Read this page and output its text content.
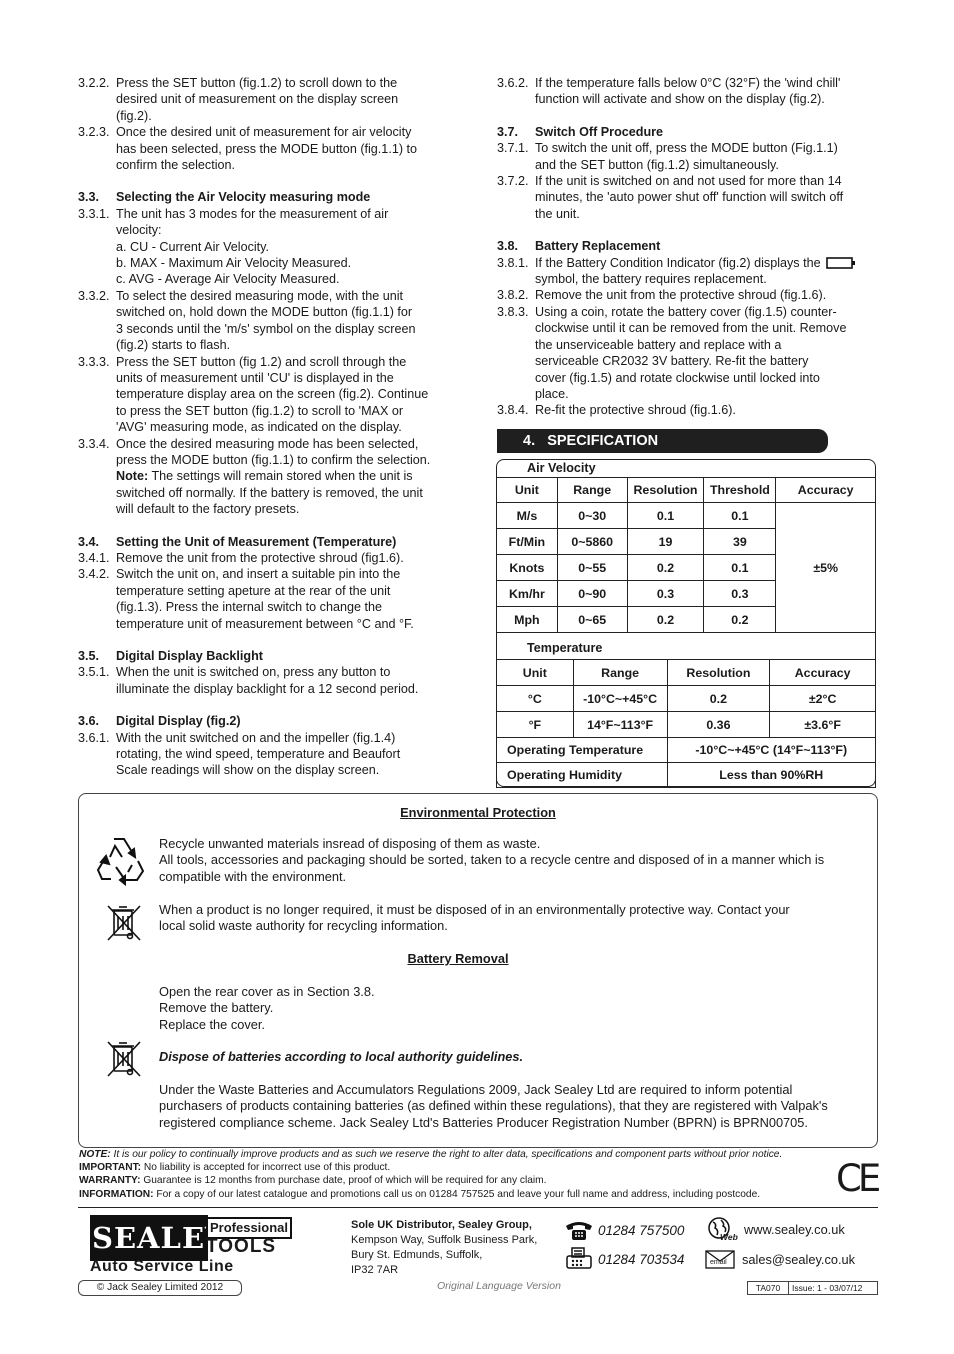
3.2.2. Press the SET button (fig.1.2) to scroll down to the
desired unit of measurement on the display screen
(fig.2).
3.2.3. Once the desired unit of measurement for air velocity
has been selected, press the MODE button (fig.1.1) to
confirm the selection.
3.3. Selecting the Air Velocity measuring mode
3.3.1. The unit has 3 modes for the measurement of air
velocity:
a. CU - Current Air Velocity.
b. MAX - Maximum Air Velocity Measured.
c. AVG - Average Air Velocity Measured.
3.3.2. To select the desired measuring mode, with the unit
switched on, hold down the MODE button (fig.1.1) for
3 seconds until the 'm/s' symbol on the display screen
(fig.2) starts to flash.
3.3.3. Press the SET button (fig 1.2) and scroll through the
units of measurement until 'CU' is displayed in the
temperature display area on the screen (fig.2). Continue
to press the SET button (fig.1.2) to scroll to 'MAX or
'AVG' measuring mode, as indicated on the display.
3.3.4. Once the desired measuring mode has been selected,
press the MODE button (fig.1.1) to confirm the selection.
Note: The settings will remain stored when the unit is
switched off normally. If the battery is removed, the unit
will default to the factory presets.
3.4. Setting the Unit of Measurement (Temperature)
3.4.1. Remove the unit from the protective shroud (fig1.6).
3.4.2. Switch the unit on, and insert a suitable pin into the
temperature setting apeture at the rear of the unit
(fig.1.3). Press the internal switch to change the
temperature unit of measurement between °C and °F.
3.5. Digital Display Backlight
3.5.1. When the unit is switched on, press any button to
illuminate the display backlight for a 12 second period.
3.6. Digital Display (fig.2)
3.6.1. With the unit switched on and the impeller (fig.1.4)
rotating, the wind speed, temperature and Beaufort
Scale readings will show on the display screen.
3.6.2. If the temperature falls below 0°C (32°F) the 'wind chill'
function will activate and show on the display (fig.2).
3.7. Switch Off Procedure
3.7.1. To switch the unit off, press the MODE button (Fig.1.1)
and the SET button (fig.1.2) simultaneously.
3.7.2. If the unit is switched on and not used for more than 14
minutes, the 'auto power shut off' function will switch off
the unit.
3.8. Battery Replacement
3.8.1. If the Battery Condition Indicator (fig.2) displays the
symbol, the battery requires replacement.
3.8.2. Remove the unit from the protective shroud (fig.1.6).
3.8.3. Using a coin, rotate the battery cover (fig.1.5) counter-
clockwise until it can be removed from the unit. Remove
the unserviceable battery and replace with a
serviceable CR2032 3V battery. Re-fit the battery
cover (fig.1.5) and rotate clockwise until locked into
place.
3.8.4. Re-fit the protective shroud (fig.1.6).
4. SPECIFICATION
Air Velocity
Unit	Range	Resolution	Threshold	Accuracy
M/s	0~30	0.1	0.1	±5%
Ft/Min	0~5860	19	39	
Knots	0~55	0.2	0.1	
Km/hr	0~90	0.3	0.3	
Mph	0~65	0.2	0.2	
Temperature
Unit	Range	Resolution	Accuracy
°C	-10°C~+45°C	0.2	±2°C
°F	14°F~113°F	0.36	±3.6°F
Operating Temperature		-10°C~+45°C (14°F~113°F)	
Operating Humidity		Less than 90%RH	
Environmental Protection
Recycle unwanted materials insread of disposing of them as waste.
All tools, accessories and packaging should be sorted, taken to a recycle centre and disposed of in a manner which is
compatible with the environment.
When a product is no longer required, it must be disposed of in an environmentally protective way. Contact your
local solid waste authority for recycling information.
Battery Removal
Open the rear cover as in Section 3.8.
Remove the battery.
Replace the cover.
Dispose of batteries according to local authority guidelines.
Under the Waste Batteries and Accumulators Regulations 2009, Jack Sealey Ltd are required to inform potential
purchasers of products containing batteries (as defined within these regulations), that they are registered with Valpak's
registered compliance scheme. Jack Sealey Ltd's Batteries Producer Registration Number (BPRN) is BPRN00705.
NOTE: It is our policy to continually improve products and as such we reserve the right to alter data, specifications and component parts without prior notice.
IMPORTANT: No liability is accepted for incorrect use of this product.
WARRANTY: Guarantee is 12 months from purchase date, proof of which will be required for any claim.
INFORMATION: For a copy of our latest catalogue and promotions call us on 01284 757525 and leave your full name and address, including postcode.	CE
SEALEY
Professional
TOOLS
Auto Service Line
Sole UK Distributor, Sealey Group,
Kempson Way, Suffolk Business Park,
Bury St. Edmunds, Suffolk,
IP32 7AR
01284 757500
01284 703534
Web www.sealey.co.uk
email sales@sealey.co.uk
© Jack Sealey Limited 2012	Original Language Version	TA070 Issue: 1 - 03/07/12
